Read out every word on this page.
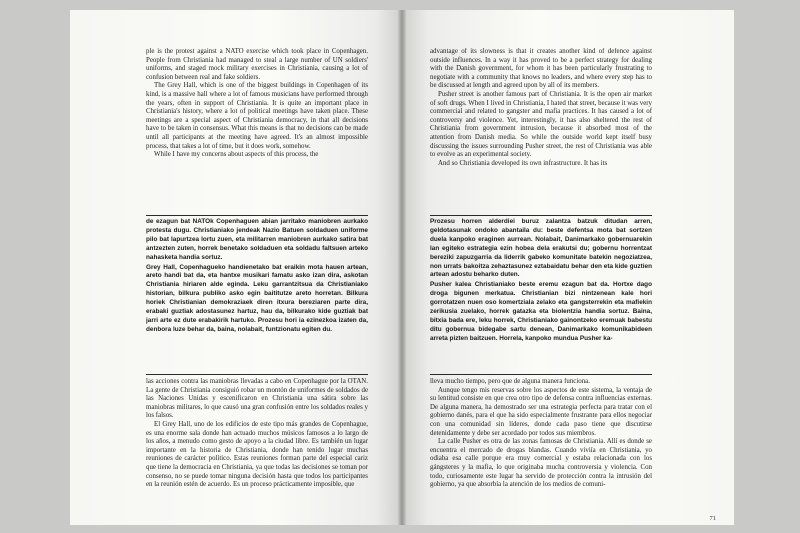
ple is the protest against a NATO exercise which took place in Copenhagen. People from Christiania had managed to steal a large number of UN soldiers' uniforms, and staged mock military exercises in Christiania, causing a lot of confusion between real and fake soldiers.

The Grey Hall, which is one of the biggest buildings in Copenhagen of its kind, is a massive hall where a lot of famous musicians have performed through the years, often in support of Christiania. It is quite an important place in Christiania's history, where a lot of political meetings have taken place. These meetings are a special aspect of Christiania democracy, in that all decisions have to be taken in consensus. What this means is that no decisions can be made until all participants at the meeting have agreed. It's an almost impossible process, that takes a lot of time, but it does work, somehow.

While I have my concerns about aspects of this process, the

de ezagun bat NATOk Copenhaguen abian jarritako maniobren aurkako protesta dugu. Christianiako jendeak Nazio Batuen soldaduen uniforme pilo bat lapurtzea lortu zuen, eta militarren maniobren aurkako satira bat antzezten zuten, horrek benetako soldaduen eta soldadu faltsuen arteko nahasketa handia sortuz.

Grey Hall, Copenhagueko handienetako bat eraikin mota hauen artean, areto handi bat da, eta hantxe musikari famatu asko izan dira, askotan Christiania hiriaren alde eginda. Leku garrantzitsua da Christianiako historian, bilkura publiko asko egin baititutze areto horretan. Bilkura horiek Christianian demokraziaek diren itxura bereziaren parte dira, erabaki guztiak adostasunez hartuz, hau da, bilkurako kide guztiak bat jarri arte ez dute erabakirik hartuko. Prozesu hori ia ezinezkoa izaten da, denbora luze behar da, baina, nolabait, funtzionatu egiten du.

las acciones contra las maniobras llevadas a cabo en Copenhague por la OTAN. La gente de Christiania consiguió robar un montón de uniformes de soldados de las Naciones Unidas y escenificaron en Christiania una sátira sobre las maniobras militares, lo que causó una gran confusión entre los soldados reales y los falsos.

El Grey Hall, uno de los edificios de este tipo más grandes de Copenhague, es una enorme sala donde han actuado muchos músicos famosos a lo largo de los años, a menudo como gesto de apoyo a la ciudad libre. Es también un lugar importante en la historia de Christiania, donde han tenido lugar muchas reuniones de carácter político. Estas reuniones forman parte del especial cariz que tiene la democracia en Christiania, ya que todas las decisiones se toman por consenso, no se puede tomar ninguna decisión hasta que todos los participantes en la reunión estén de acuerdo. Es un proceso prácticamente imposible, que

advantage of its slowness is that it creates another kind of defence against outside influences. In a way it has proved to be a perfect strategy for dealing with the Danish government, for whom it has been particularly frustrating to negotiate with a community that knows no leaders, and where every step has to be discussed at length and agreed upon by all of its members.

Pusher street is another famous part of Christiania. It is the open air market of soft drugs. When I lived in Christiania, I hated that street, because it was very commercial and related to gangster and mafia practices. It has caused a lot of controversy and violence. Yet, interestingly, it has also sheltered the rest of Christiania from government intrusion, because it absorbed most of the attention from Danish media. So while the outside world kept itself busy discussing the issues surrounding Pusher street, the rest of Christiania was able to evolve as an experimental society.

And so Christiania developed its own infrastructure. It has its

Prozesu horren alderdiei buruz zalantza batzuk ditudan arren, geldotasunak ondoko abantaila du: beste defentsa mota bat sortzen duela kanpoko eraginen aurrean. Nolabait, Danimarkako gobernuarekin lan egiteko estrategia ezin hobea dela erakutsi du; gobernu horrentzat bereziki zapuzgarria da liderrik gabeko komunitate batekin negoziatzea, non urrats bakoitza zehaztasunez eztabaidatu behar den eta kide guztien artean adostu beharko duten.

Pusher kalea Christianiako beste eremu ezagun bat da. Hortxe dago droga bigunen merkatua. Christianian bizi nintzenean kale hori gorrotatzen nuen oso komertziala zelako eta gangsterrekin eta mafiekin zerikusia zuelako, horrek gatazka eta biolentzia handia sortuz. Baina, bitxia bada ere, leku horrek, Christianiako gainontzeko eremuak babestu ditu gobernua bidegabe sartu denean, Danimarkako komunikabideen arreta pizten baitzuen. Horrela, kanpoko mundua Pusher ka-

lleva mucho tiempo, pero que de alguna manera funciona.

Aunque tengo mis reservas sobre los aspectos de este sistema, la ventaja de su lentitud consiste en que crea otro tipo de defensa contra influencias externas. De alguna manera, ha demostrado ser una estrategia perfecta para tratar con el gobierno danés, para el que ha sido especialmente frustrante para ellos negociar con una comunidad sin líderes, donde cada paso tiene que discutirse detenidamente y debe ser acordado por todos sus miembros.

La calle Pusher es otra de las zonas famosas de Christiania. Allí es donde se encuentra el mercado de drogas blandas. Cuando viviía en Christiania, yo odiaba esa calle porque era muy comercial y estaba relacionada con los gángsteres y la mafia, lo que originaba mucha controversia y violencia. Con todo, curiosamente este lugar ha servido de protección contra la intrusión del gobierno, ya que absorbía la atención de los medios de comuni-

71
